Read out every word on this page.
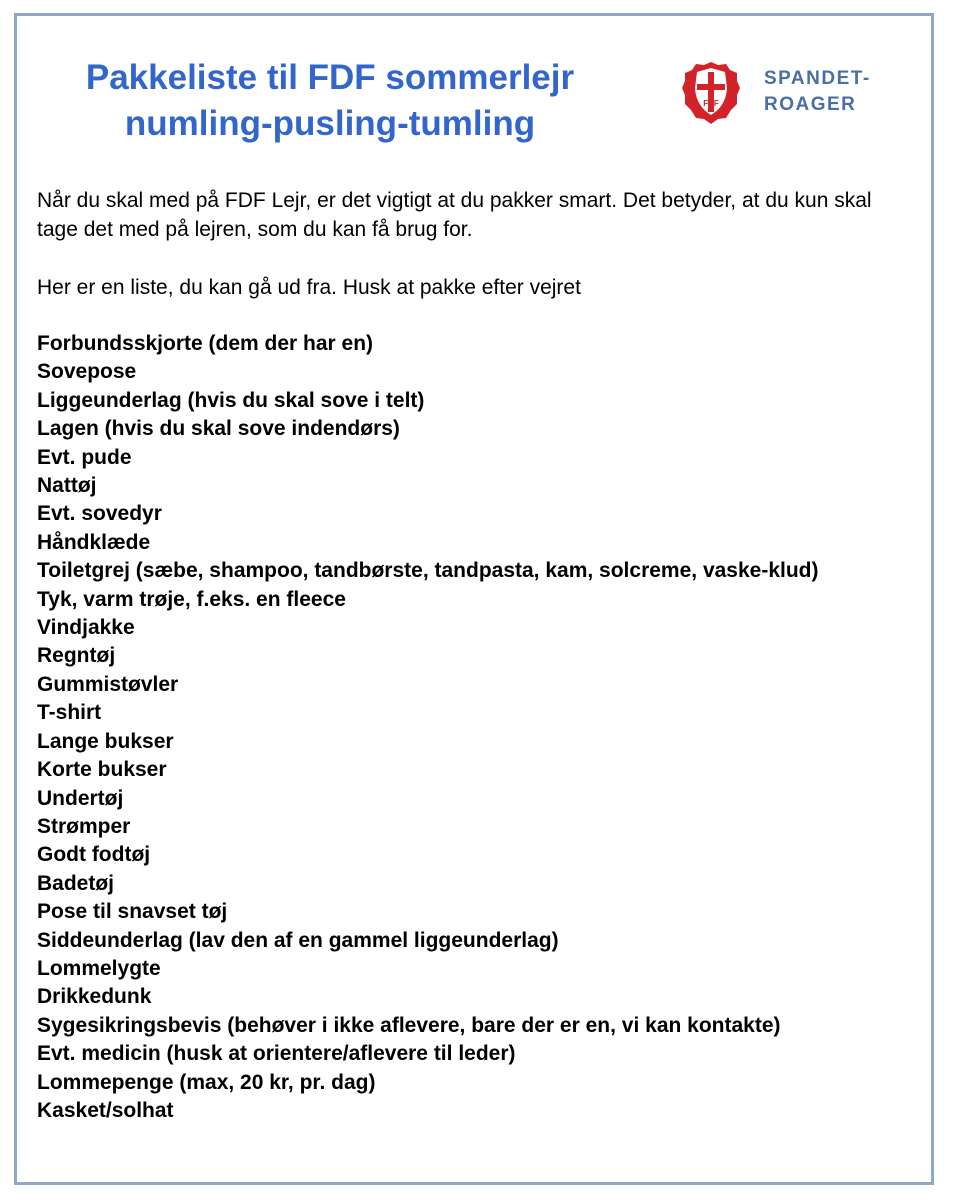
Pakkeliste til FDF sommerlejr
numling-pusling-tumling
FDF
SPANDET-
ROAGER
Når du skal med på FDF Lejr, er det vigtigt at du pakker smart. Det betyder, at du kun skal tage det med på lejren, som du kan få brug for.
Her er en liste, du kan gå ud fra. Husk at pakke efter vejret
Forbundsskjorte (dem der har en)
Sovepose
Liggeunderlag (hvis du skal sove i telt)
Lagen (hvis du skal sove indendørs)
Evt. pude
Nattøj
Evt. sovedyr
Håndklæde
Toiletgrej (sæbe, shampoo, tandbørste, tandpasta, kam, solcreme, vaske-klud)
Tyk, varm trøje, f.eks. en fleece
Vindjakke
Regntøj
Gummistøvler
T-shirt
Lange bukser
Korte bukser
Undertøj
Strømper
Godt fodtøj
Badetøj
Pose til snavset tøj
Siddeunderlag (lav den af en gammel liggeunderlag)
Lommelygte
Drikkedunk
Sygesikringsbevis (behøver i ikke aflevere, bare der er en, vi kan kontakte)
Evt. medicin (husk at orientere/aflevere til leder)
Lommepenge (max, 20 kr, pr. dag)
Kasket/solhat
